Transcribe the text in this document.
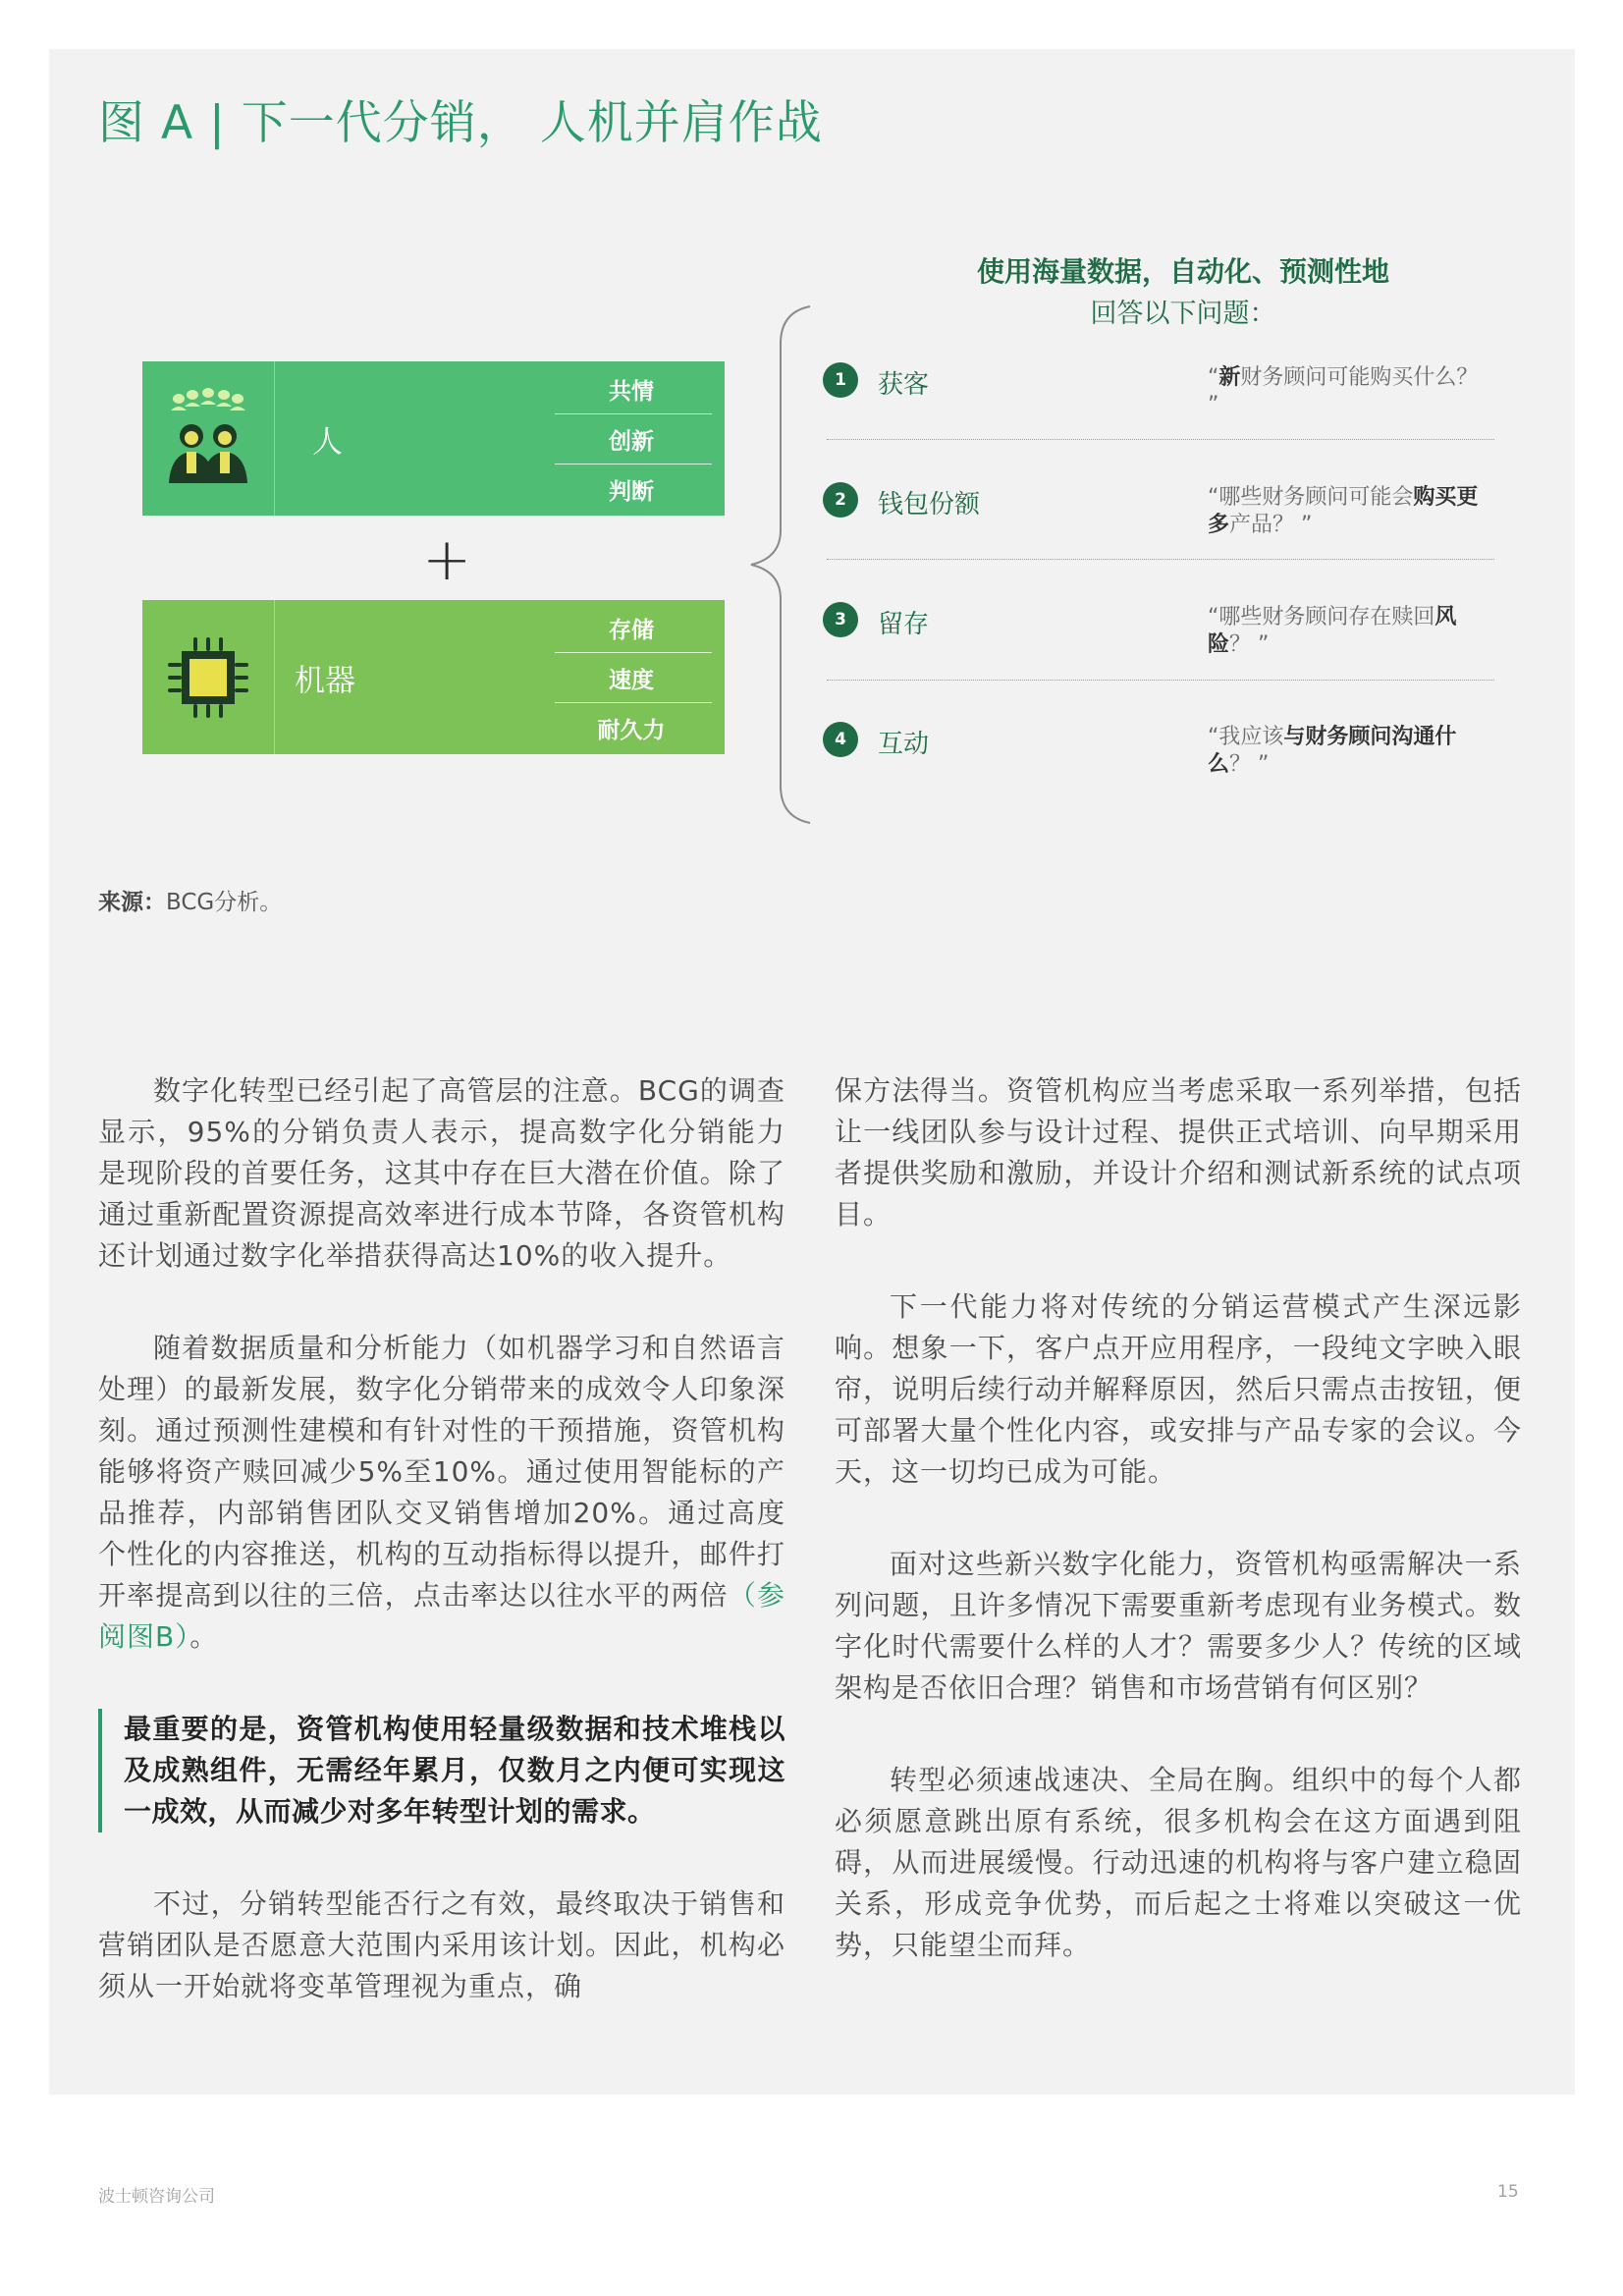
图 A | 下一代分销， 人机并肩作战
使用海量数据，自动化、预测性地
回答以下问题：
人
共情
创新
判断
+
机器
存储
速度
耐久力
1	获客	“新财务顾问可能购买什么？ ”
2	钱包份额	“哪些财务顾问可能会购买更多产品？ ”
3	留存	“哪些财务顾问存在赎回风险？ ”
4	互动	“我应该与财务顾问沟通什么？ ”
来源：BCG分析。

数字化转型已经引起了高管层的注意。BCG的调查显示，95%的分销负责人表示，提高数字化分销能力是现阶段的首要任务，这其中存在巨大潜在价值。除了通过重新配置资源提高效率进行成本节降，各资管机构还计划通过数字化举措获得高达10%的收入提升。

随着数据质量和分析能力（如机器学习和自然语言处理）的最新发展，数字化分销带来的成效令人印象深刻。通过预测性建模和有针对性的干预措施，资管机构能够将资产赎回减少5%至10%。通过使用智能标的产品推荐，内部销售团队交叉销售增加20%。通过高度个性化的内容推送，机构的互动指标得以提升，邮件打开率提高到以往的三倍，点击率达以往水平的两倍（参阅图B）。

最重要的是，资管机构使用轻量级数据和技术堆栈以及成熟组件，无需经年累月，仅数月之内便可实现这一成效，从而减少对多年转型计划的需求。

不过，分销转型能否行之有效，最终取决于销售和营销团队是否愿意大范围内采用该计划。因此，机构必须从一开始就将变革管理视为重点，确

保方法得当。资管机构应当考虑采取一系列举措，包括让一线团队参与设计过程、提供正式培训、向早期采用者提供奖励和激励，并设计介绍和测试新系统的试点项目。

下一代能力将对传统的分销运营模式产生深远影响。想象一下，客户点开应用程序，一段纯文字映入眼帘，说明后续行动并解释原因，然后只需点击按钮，便可部署大量个性化内容，或安排与产品专家的会议。今天，这一切均已成为可能。

面对这些新兴数字化能力，资管机构亟需解决一系列问题，且许多情况下需要重新考虑现有业务模式。数字化时代需要什么样的人才？需要多少人？传统的区域架构是否依旧合理？销售和市场营销有何区别？

转型必须速战速决、全局在胸。组织中的每个人都必须愿意跳出原有系统，很多机构会在这方面遇到阻碍，从而进展缓慢。行动迅速的机构将与客户建立稳固关系，形成竞争优势，而后起之士将难以突破这一优势，只能望尘而拜。

波士顿咨询公司	15
